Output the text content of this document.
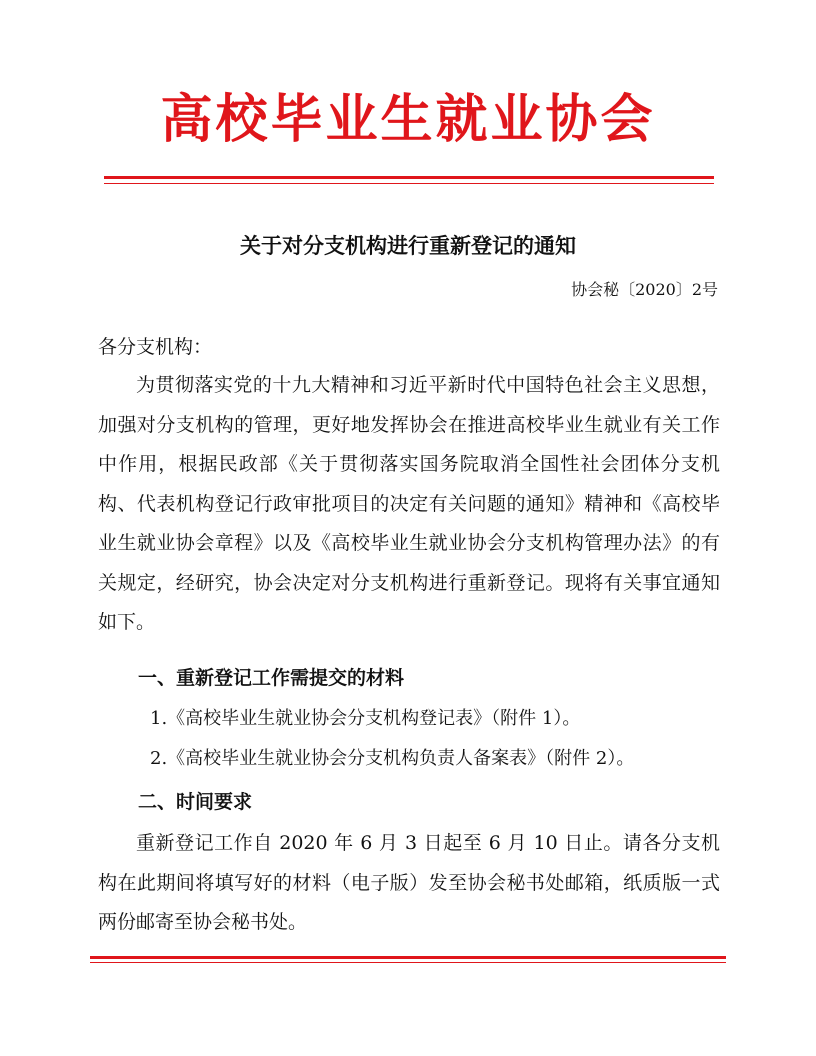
高校毕业生就业协会
关于对分支机构进行重新登记的通知
协会秘〔2020〕2号

各分支机构：

为贯彻落实党的十九大精神和习近平新时代中国特色社会主义思想，加强对分支机构的管理，更好地发挥协会在推进高校毕业生就业有关工作中作用，根据民政部《关于贯彻落实国务院取消全国性社会团体分支机构、代表机构登记行政审批项目的决定有关问题的通知》精神和《高校毕业生就业协会章程》以及《高校毕业生就业协会分支机构管理办法》的有关规定，经研究，协会决定对分支机构进行重新登记。现将有关事宜通知如下。

一、重新登记工作需提交的材料
1.《高校毕业生就业协会分支机构登记表》（附件 1）。
2.《高校毕业生就业协会分支机构负责人备案表》（附件 2）。
二、时间要求

重新登记工作自 2020 年 6 月 3 日起至 6 月 10 日止。请各分支机构在此期间将填写好的材料（电子版）发至协会秘书处邮箱，纸质版一式两份邮寄至协会秘书处。
